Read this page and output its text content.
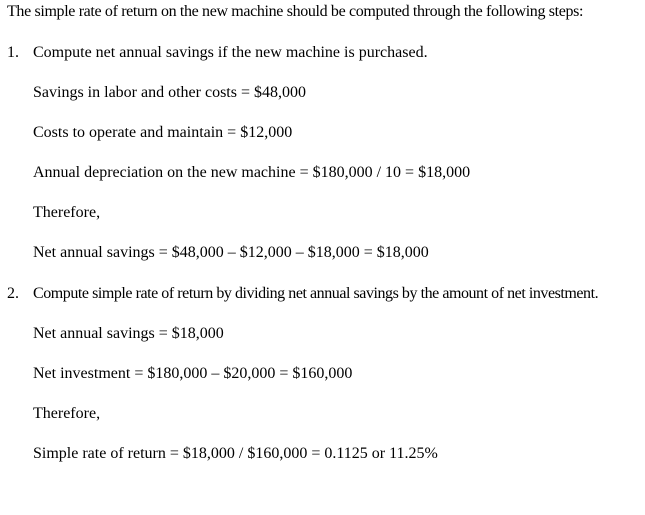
The simple rate of return on the new machine should be computed through the following steps:

1. Compute net annual savings if the new machine is purchased.

Savings in labor and other costs = $48,000

Costs to operate and maintain = $12,000

Annual depreciation on the new machine = $180,000 / 10 = $18,000

Therefore,

Net annual savings = $48,000 – $12,000 – $18,000 = $18,000

2. Compute simple rate of return by dividing net annual savings by the amount of net investment.

Net annual savings = $18,000

Net investment = $180,000 – $20,000 = $160,000

Therefore,

Simple rate of return = $18,000 / $160,000 = 0.1125 or 11.25%
